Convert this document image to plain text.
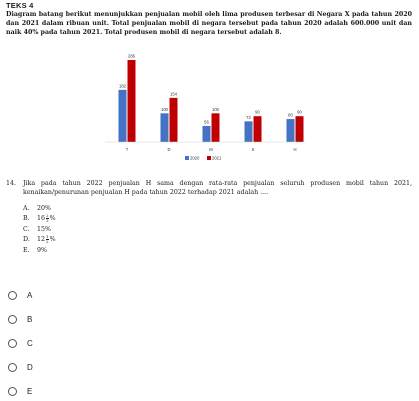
TEKS 4
Diagram batang berikut menunjukkan penjualan mobil oleh lima produsen terbesar di Negara X pada tahun 2020 dan 2021 dalam ribuan unit. Total penjualan mobil di negara tersebut pada tahun 2020 adalah 600.000 unit dan naik 40% pada tahun 2021. Total produsen mobil di negara tersebut adalah 8.
182
286
T
100
154
D
56
100
M
72
90
S
80
90
H
2020	2021
14. Jika pada tahun 2022 penjualan H sama dengan rata-rata penjualan seluruh produsen mobil tahun 2021, kenaikan/penurunan penjualan H pada tahun 2022 terhadap 2021 adalah ....
A. 20%
B. $16 \frac{2}{3}$ %
C. 15%
D. $12 \frac{1}{2}$ %
E. 9%
A
B
C
D
E
